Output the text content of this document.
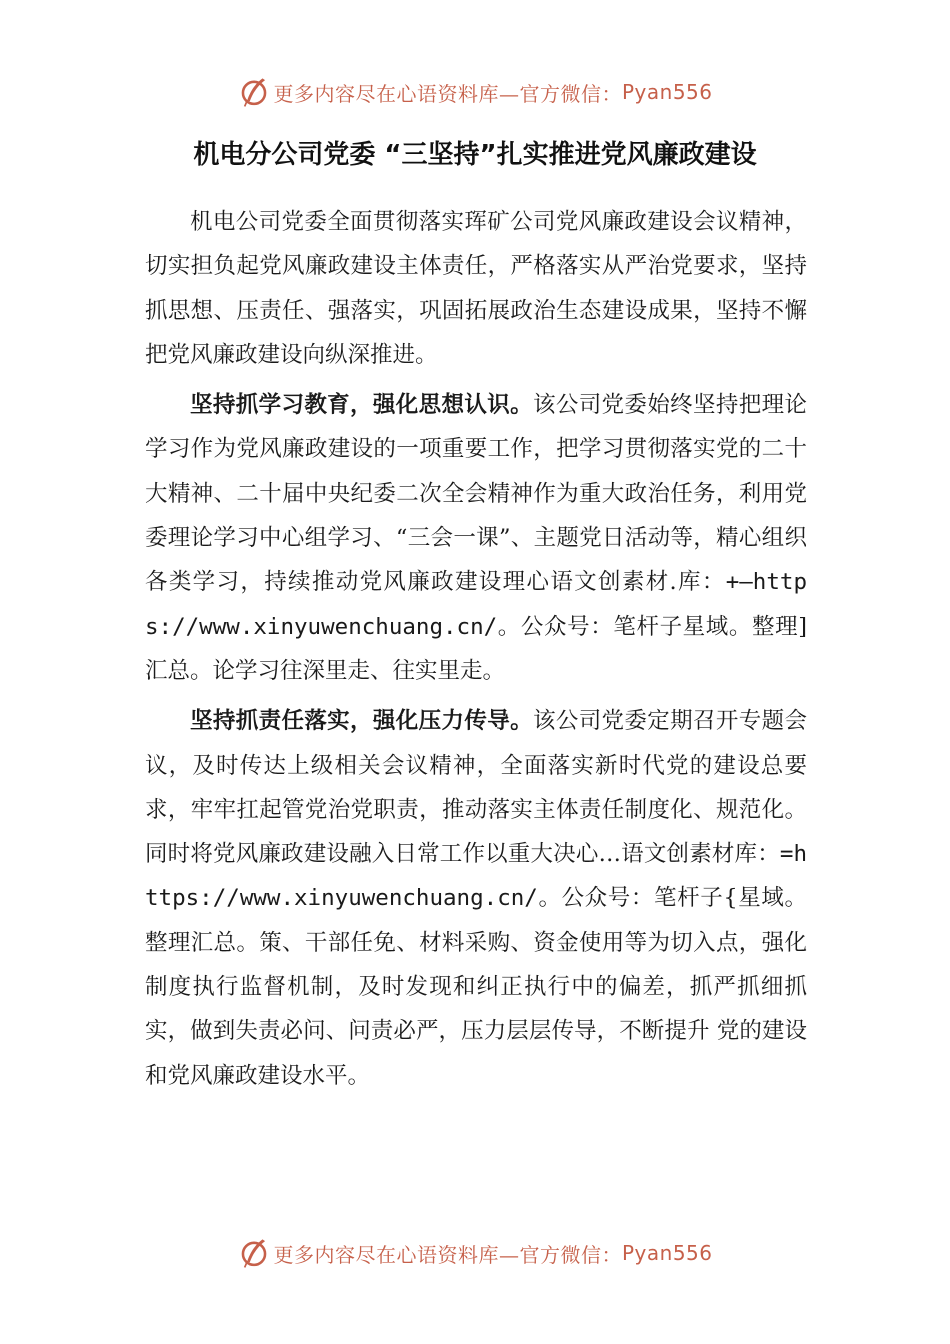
更多内容尽在心语资料库—官方微信： Pyan556
机电分公司党委 “三坚持”扎实推进党风廉政建设

机电公司党委全面贯彻落实珲矿公司党风廉政建设会议精神，切实担负起党风廉政建设主体责任，严格落实从严治党要求，坚持抓思想、压责任、强落实，巩固拓展政治生态建设成果，坚持不懈把党风廉政建设向纵深推进。

坚持抓学习教育，强化思想认识。该公司党委始终坚持把理论学习作为党风廉政建设的一项重要工作，把学习贯彻落实党的二十大精神、二十届中央纪委二次全会精神作为重大政治任务，利用党委理论学习中心组学习、“三会一课”、主题党日活动等，精心组织各类学习，持续推动党风廉政建设理心语文创素材.库：+—https://www.xinyuwenchuang.cn/。公众号：笔杆子星域。整理]汇总。论学习往深里走、往实里走。

坚持抓责任落实，强化压力传导。该公司党委定期召开专题会议，及时传达上级相关会议精神，全面落实新时代党的建设总要求，牢牢扛起管党治党职责，推动落实主体责任制度化、规范化。同时将党风廉政建设融入日常工作以重大决心…语文创素材库：=https://www.xinyuwenchuang.cn/。公众号：笔杆子{星域。整理汇总。策、干部任免、材料采购、资金使用等为切入点，强化制度执行监督机制，及时发现和纠正执行中的偏差，抓严抓细抓实，做到失责必问、问责必严，压力层层传导，不断提升 党的建设和党风廉政建设水平。

更多内容尽在心语资料库—官方微信： Pyan556
